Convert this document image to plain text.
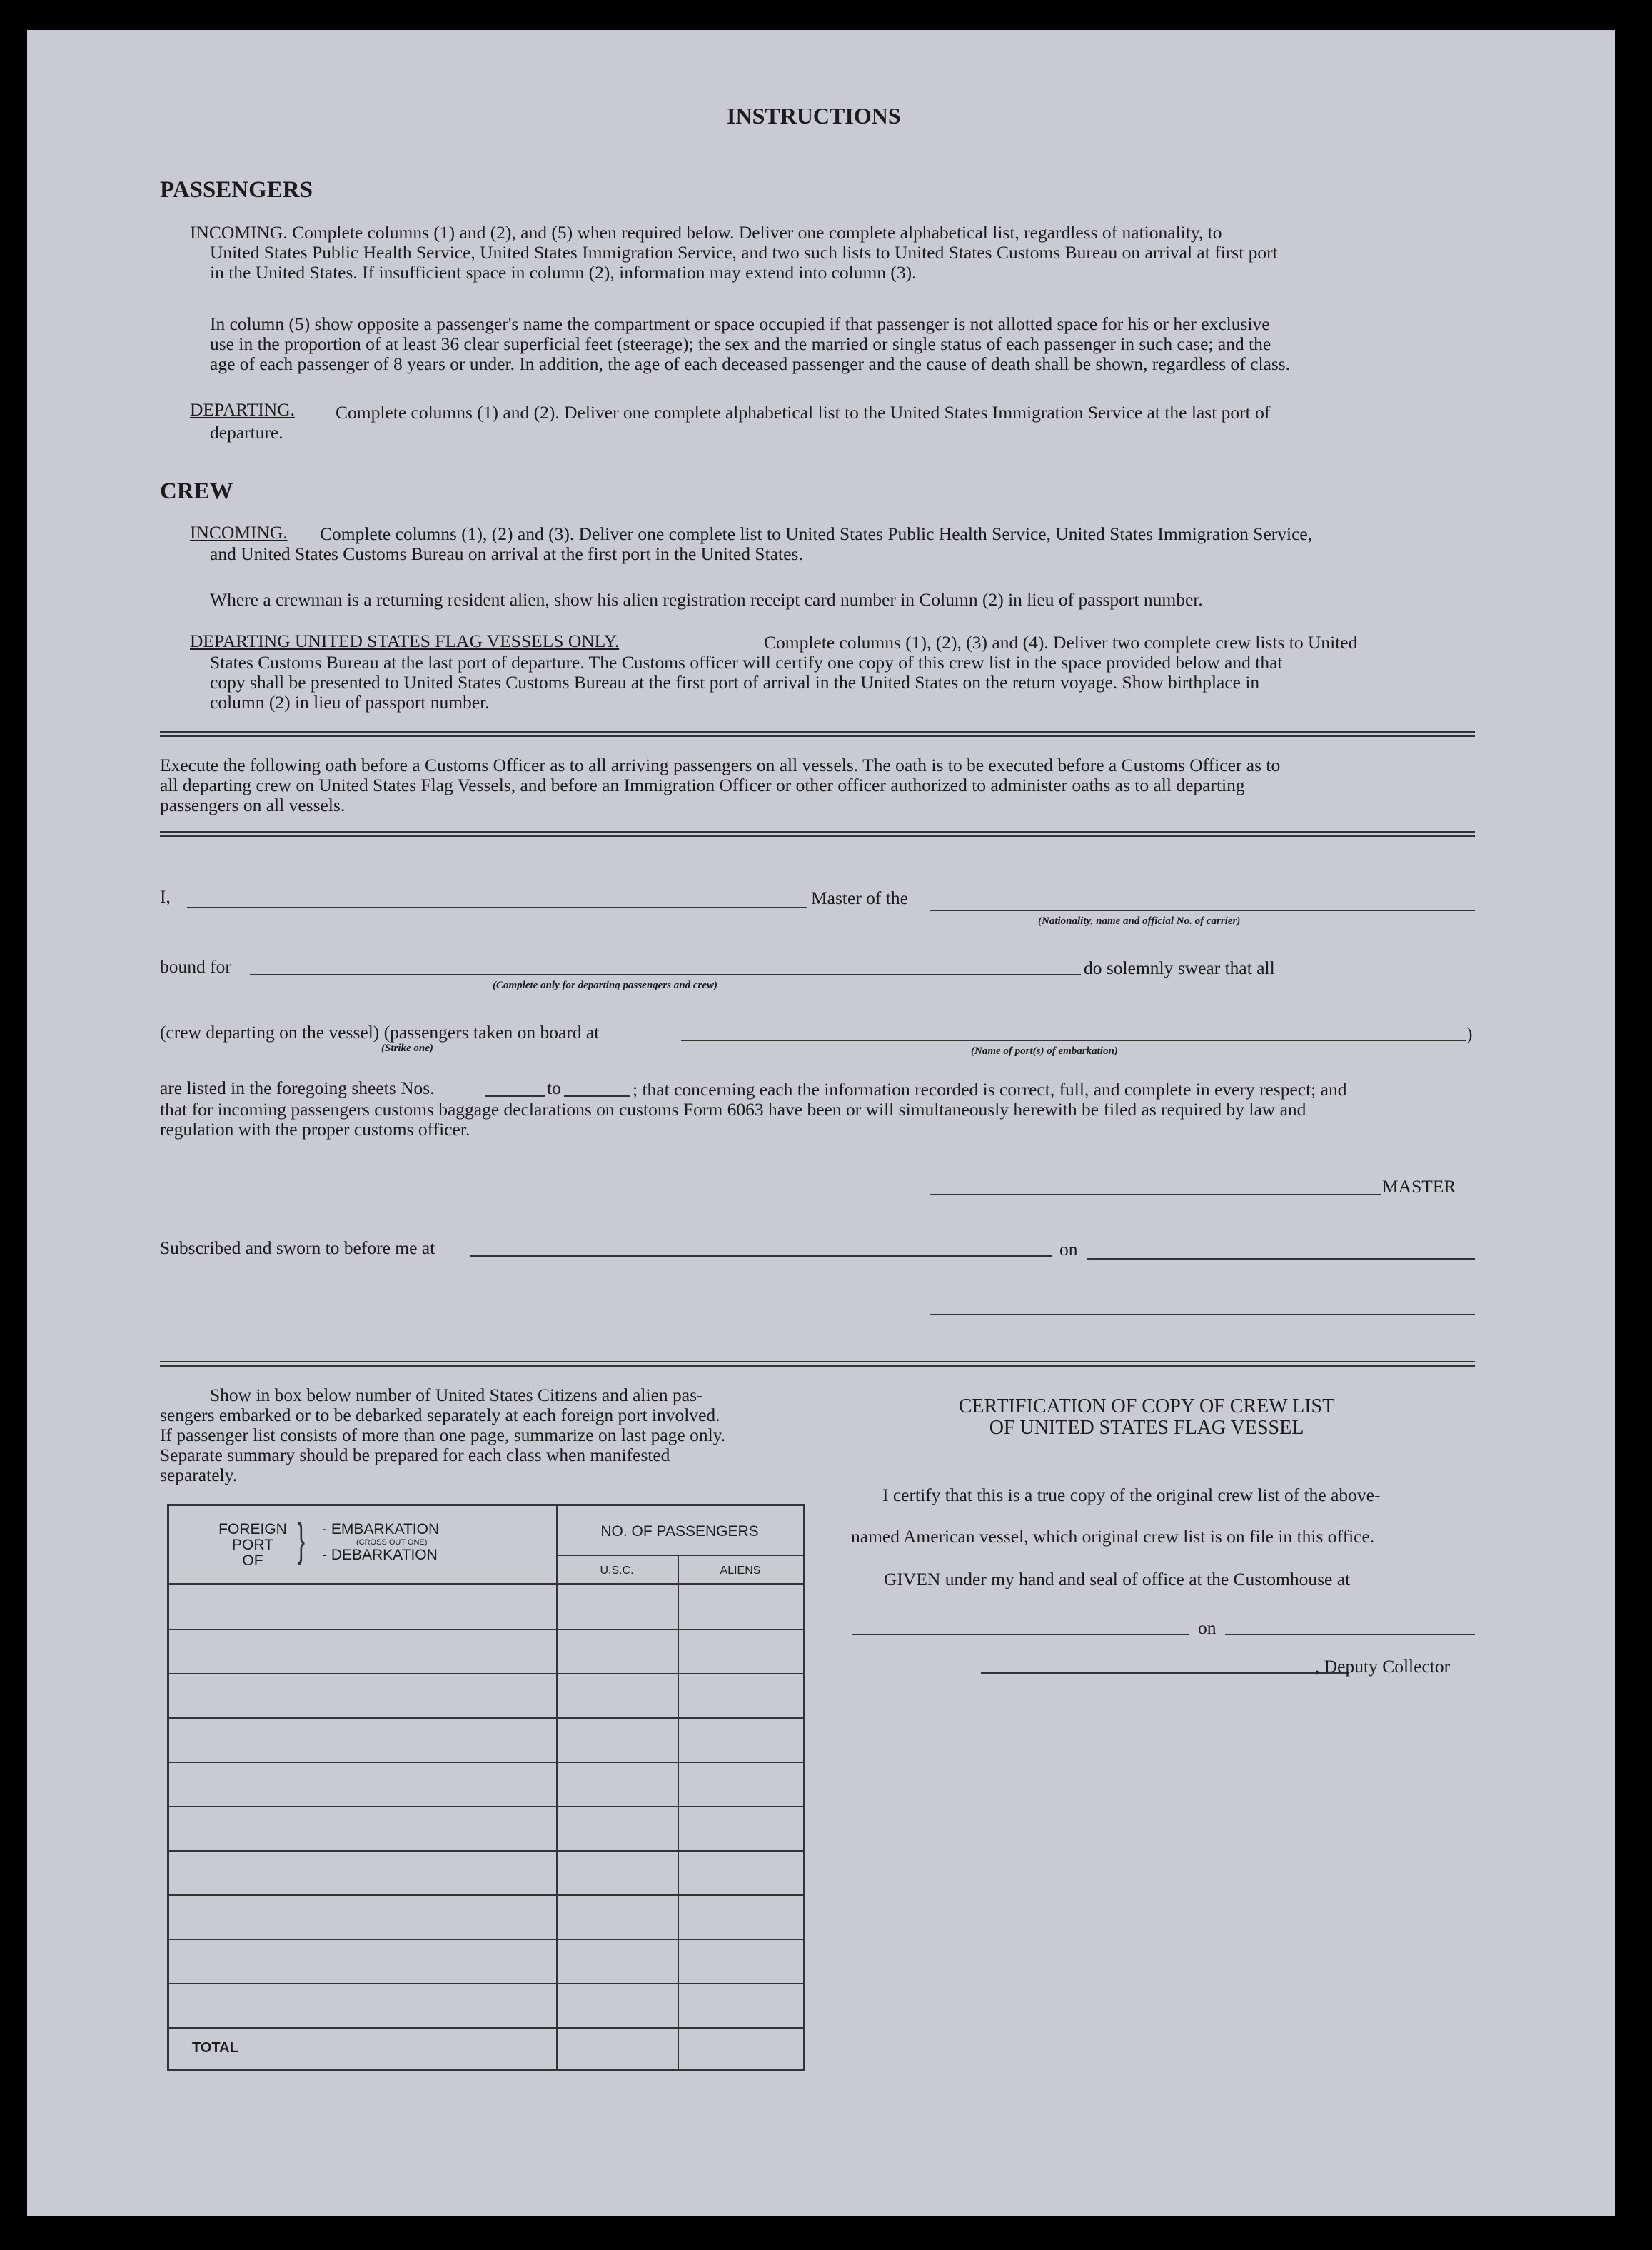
INSTRUCTIONS
PASSENGERS
INCOMING. Complete columns (1) and (2), and (5) when required below. Deliver one complete alphabetical list, regardless of nationality, to
United States Public Health Service, United States Immigration Service, and two such lists to United States Customs Bureau on arrival at first port
in the United States. If insufficient space in column (2), information may extend into column (3).
In column (5) show opposite a passenger's name the compartment or space occupied if that passenger is not allotted space for his or her exclusive
use in the proportion of at least 36 clear superficial feet (steerage); the sex and the married or single status of each passenger in such case; and the
age of each passenger of 8 years or under. In addition, the age of each deceased passenger and the cause of death shall be shown, regardless of class.
DEPARTING. Complete columns (1) and (2). Deliver one complete alphabetical list to the United States Immigration Service at the last port of
departure.
CREW
INCOMING. Complete columns (1), (2) and (3). Deliver one complete list to United States Public Health Service, United States Immigration Service,
and United States Customs Bureau on arrival at the first port in the United States.
Where a crewman is a returning resident alien, show his alien registration receipt card number in Column (2) in lieu of passport number.
DEPARTING UNITED STATES FLAG VESSELS ONLY.	Complete columns (1), (2), (3) and (4). Deliver two complete crew lists to United
States Customs Bureau at the last port of departure. The Customs officer will certify one copy of this crew list in the space provided below and that
copy shall be presented to United States Customs Bureau at the first port of arrival in the United States on the return voyage. Show birthplace in
column (2) in lieu of passport number.
Execute the following oath before a Customs Officer as to all arriving passengers on all vessels. The oath is to be executed before a Customs Officer as to
all departing crew on United States Flag Vessels, and before an Immigration Officer or other officer authorized to administer oaths as to all departing
passengers on all vessels.
I,	Master of the
(Nationality, name and official No. of carrier)
bound for
(Complete only for departing passengers and crew)
do solemnly swear that all
(crew departing on the vessel) (passengers taken on board at	)
(Strike one)	(Name of port(s) of embarkation)
are listed in the foregoing sheets Nos.	to	; that concerning each the information recorded is correct, full, and complete in every respect; and
that for incoming passengers customs baggage declarations on customs Form 6063 have been or will simultaneously herewith be filed as required by law and
regulation with the proper customs officer.
MASTER
Subscribed and sworn to before me at	on
Show in box below number of United States Citizens and alien pas-
sengers embarked or to be debarked separately at each foreign port involved.
If passenger list consists of more than one page, summarize on last page only.
Separate summary should be prepared for each class when manifested
separately.
FOREIGN
PORT
OF } - EMBARKATION
(CROSS OUT ONE)
- DEBARKATION
NO. OF PASSENGERS
U.S.C.	ALIENS
TOTAL
CERTIFICATION OF COPY OF CREW LIST
OF UNITED STATES FLAG VESSEL
I certify that this is a true copy of the original crew list of the above-
named American vessel, which original crew list is on file in this office.
GIVEN under my hand and seal of office at the Customhouse at
on
, Deputy Collector
